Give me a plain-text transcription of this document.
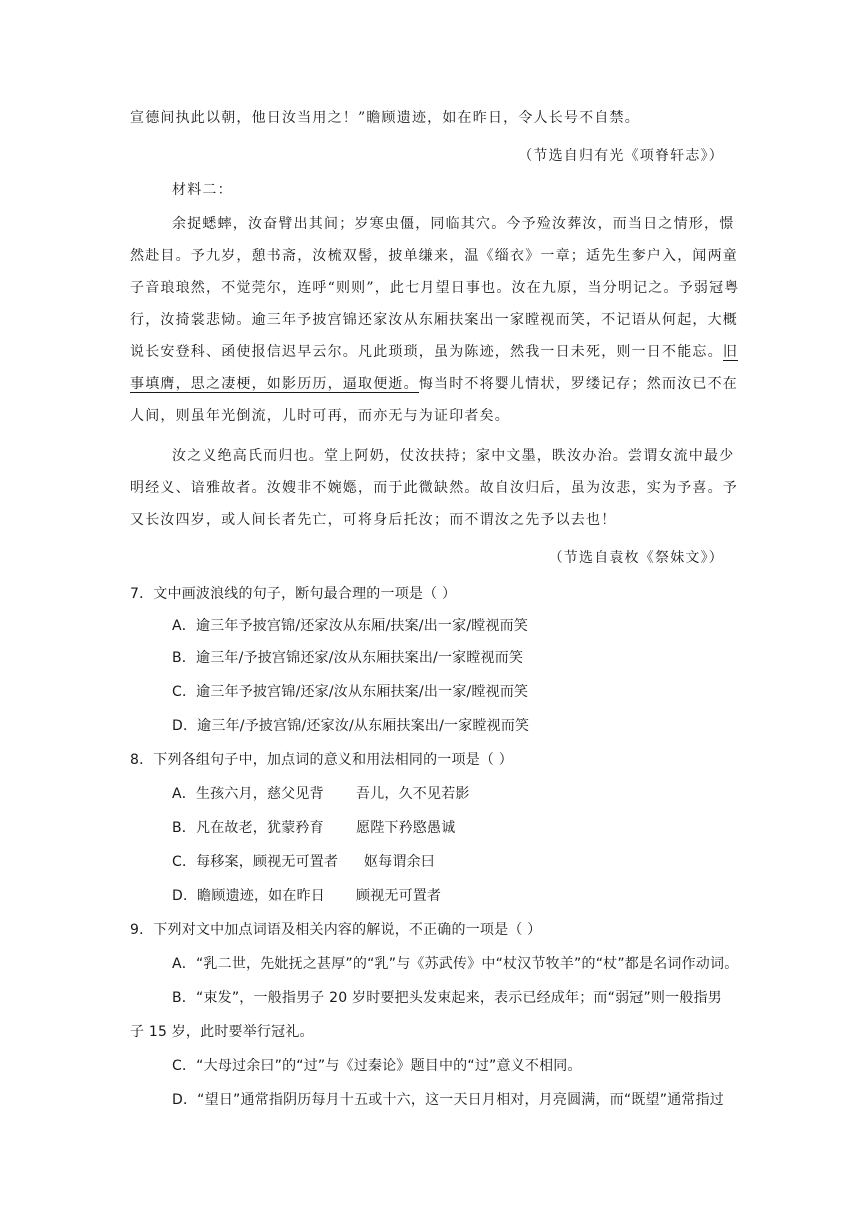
宣德间执此以朝，他日汝当用之！”瞻顾遗迹，如在昨日，令人长号不自禁。
（节选自归有光《项脊轩志》）
材料二：
余捉蟋蟀，汝奋臂出其间；岁寒虫僵，同临其穴。今予殓汝葬汝，而当日之情形，憬
然赴目。予九岁，憩书斋，汝梳双髻，披单缣来，温《缁衣》一章；适先生奓户入，闻两童
子音琅琅然，不觉莞尔，连呼“则则”，此七月望日事也。汝在九原，当分明记之。予弱冠粤
行，汝掎裳悲恸。逾三年予披宫锦还家汝从东厢扶案出一家瞠视而笑，不记语从何起，大概
说长安登科、函使报信迟早云尔。凡此琐琐，虽为陈迹，然我一日未死，则一日不能忘。旧
事填膺，思之凄梗，如影历历，逼取便逝。悔当时不将婴儿情状，罗缕记存；然而汝已不在
人间，则虽年光倒流，儿时可再，而亦无与为证印者矣。
汝之义绝高氏而归也。堂上阿奶，仗汝扶持；家中文墨，眣汝办治。尝谓女流中最少
明经义、谙雅故者。汝嫂非不婉嫕，而于此微缺然。故自汝归后，虽为汝悲，实为予喜。予
又长汝四岁，或人间长者先亡，可将身后托汝；而不谓汝之先予以去也！
（节选自袁枚《祭妹文》）
7．文中画波浪线的句子，断句最合理的一项是（ ）
A．逾三年予披宫锦/还家汝从东厢/扶案/出一家/瞠视而笑
B．逾三年/予披宫锦还家/汝从东厢扶案出/一家瞠视而笑
C．逾三年予披宫锦/还家/汝从东厢扶案/出一家/瞠视而笑
D．逾三年/予披宫锦/还家汝/从东厢扶案出/一家瞠视而笑
8．下列各组句子中，加点词的意义和用法相同的一项是（ ）
A．生孩六月，慈父见背 吾儿，久不见若影
B．凡在故老，犹蒙矜育 愿陛下矜愍愚诚
C．每移案，顾视无可置者 妪每谓余曰
D．瞻顾遗迹，如在昨日 顾视无可置者
9．下列对文中加点词语及相关内容的解说，不正确的一项是（ ）
A．“乳二世，先妣抚之甚厚”的“乳”与《苏武传》中“杖汉节牧羊”的“杖”都是名词作动词。
B．“束发”，一般指男子 20 岁时要把头发束起来，表示已经成年；而“弱冠”则一般指男
子 15 岁，此时要举行冠礼。
C．“大母过余曰”的“过”与《过秦论》题目中的“过”意义不相同。
D．“望日”通常指阴历每月十五或十六，这一天日月相对，月亮圆满，而“既望”通常指过
